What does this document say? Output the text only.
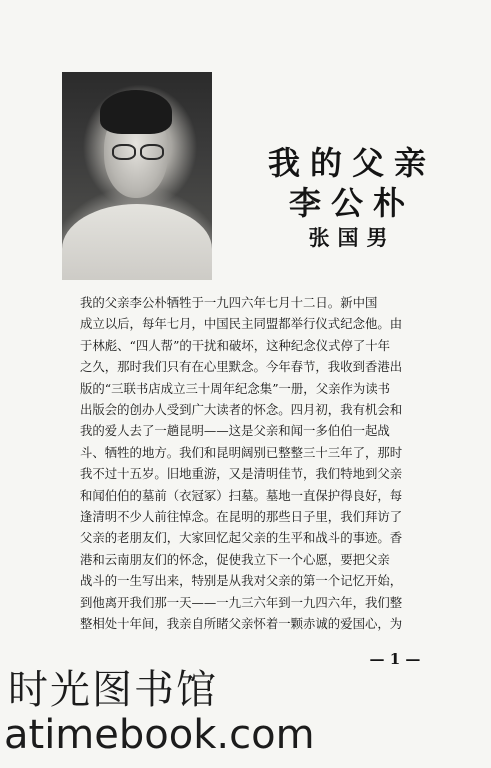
我的父亲
李公朴
张国男
我的父亲李公朴牺牲于一九四六年七月十二日。新中国
成立以后，每年七月，中国民主同盟都举行仪式纪念他。由
于林彪、“四人帮”的干扰和破坏，这种纪念仪式停了十年
之久，那时我们只有在心里默念。今年春节，我收到香港出
版的“三联书店成立三十周年纪念集”一册，父亲作为读书
出版会的创办人受到广大读者的怀念。四月初，我有机会和
我的爱人去了一趟昆明——这是父亲和闻一多伯伯一起战
斗、牺牲的地方。我们和昆明阔别已整整三十三年了，那时
我不过十五岁。旧地重游，又是清明佳节，我们特地到父亲
和闻伯伯的墓前（衣冠冢）扫墓。墓地一直保护得良好，每
逢清明不少人前往悼念。在昆明的那些日子里，我们拜访了
父亲的老朋友们，大家回忆起父亲的生平和战斗的事迹。香
港和云南朋友们的怀念，促使我立下一个心愿，要把父亲
战斗的一生写出来，特别是从我对父亲的第一个记忆开始，
到他离开我们那一天——一九三六年到一九四六年，我们整
整相处十年间，我亲自所睹父亲怀着一颗赤诚的爱国心，为
— 1 —
时光图书馆
atimebook.com
